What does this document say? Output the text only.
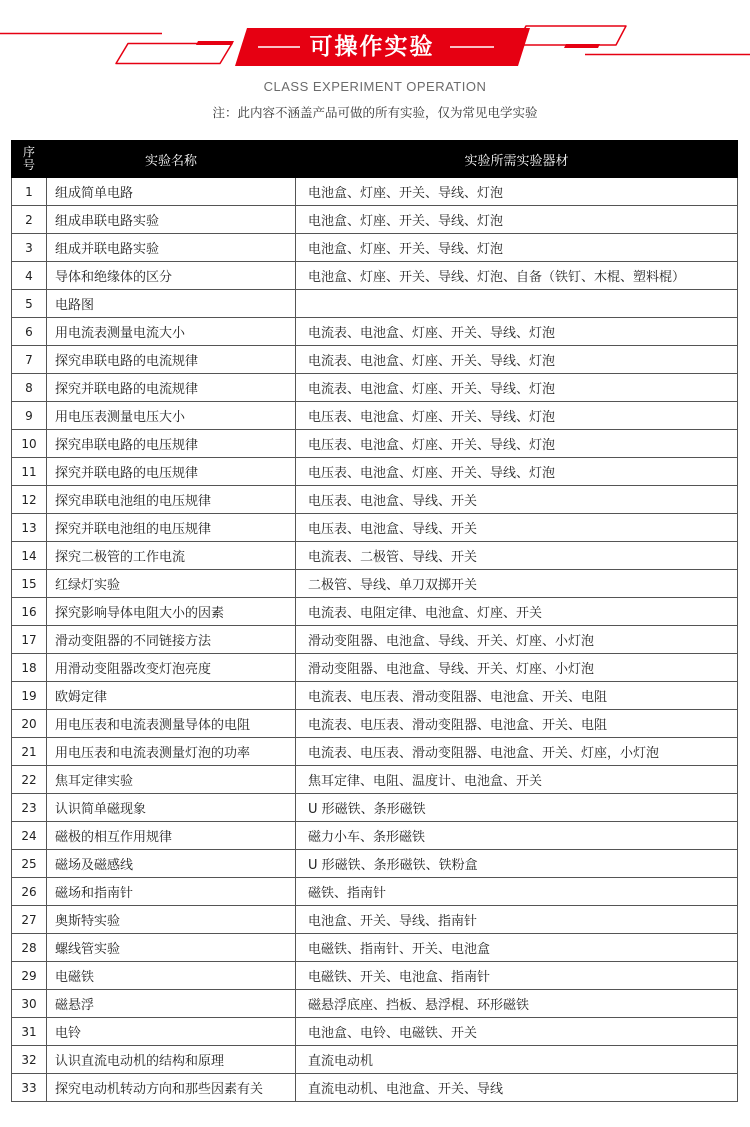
可操作实验
CLASS EXPERIMENT OPERATION
注：此内容不涵盖产品可做的所有实验，仅为常见电学实验
序
号	实验名称	实验所需实验器材
1	组成简单电路	电池盒、灯座、开关、导线、灯泡
2	组成串联电路实验	电池盒、灯座、开关、导线、灯泡
3	组成并联电路实验	电池盒、灯座、开关、导线、灯泡
4	导体和绝缘体的区分	电池盒、灯座、开关、导线、灯泡、自备（铁钉、木棍、塑料棍）
5	电路图	
6	用电流表测量电流大小	电流表、电池盒、灯座、开关、导线、灯泡
7	探究串联电路的电流规律	电流表、电池盒、灯座、开关、导线、灯泡
8	探究并联电路的电流规律	电流表、电池盒、灯座、开关、导线、灯泡
9	用电压表测量电压大小	电压表、电池盒、灯座、开关、导线、灯泡
10	探究串联电路的电压规律	电压表、电池盒、灯座、开关、导线、灯泡
11	探究并联电路的电压规律	电压表、电池盒、灯座、开关、导线、灯泡
12	探究串联电池组的电压规律	电压表、电池盒、导线、开关
13	探究并联电池组的电压规律	电压表、电池盒、导线、开关
14	探究二极管的工作电流	电流表、二极管、导线、开关
15	红绿灯实验	二极管、导线、单刀双掷开关
16	探究影响导体电阻大小的因素	电流表、电阻定律、电池盒、灯座、开关
17	滑动变阻器的不同链接方法	滑动变阻器、电池盒、导线、开关、灯座、小灯泡
18	用滑动变阻器改变灯泡亮度	滑动变阻器、电池盒、导线、开关、灯座、小灯泡
19	欧姆定律	电流表、电压表、滑动变阻器、电池盒、开关、电阻
20	用电压表和电流表测量导体的电阻	电流表、电压表、滑动变阻器、电池盒、开关、电阻
21	用电压表和电流表测量灯泡的功率	电流表、电压表、滑动变阻器、电池盒、开关、灯座，小灯泡
22	焦耳定律实验	焦耳定律、电阻、温度计、电池盒、开关
23	认识简单磁现象	U 形磁铁、条形磁铁
24	磁极的相互作用规律	磁力小车、条形磁铁
25	磁场及磁感线	U 形磁铁、条形磁铁、铁粉盒
26	磁场和指南针	磁铁、指南针
27	奥斯特实验	电池盒、开关、导线、指南针
28	螺线管实验	电磁铁、指南针、开关、电池盒
29	电磁铁	电磁铁、开关、电池盒、指南针
30	磁悬浮	磁悬浮底座、挡板、悬浮棍、环形磁铁
31	电铃	电池盒、电铃、电磁铁、开关
32	认识直流电动机的结构和原理	直流电动机
33	探究电动机转动方向和那些因素有关	直流电动机、电池盒、开关、导线
